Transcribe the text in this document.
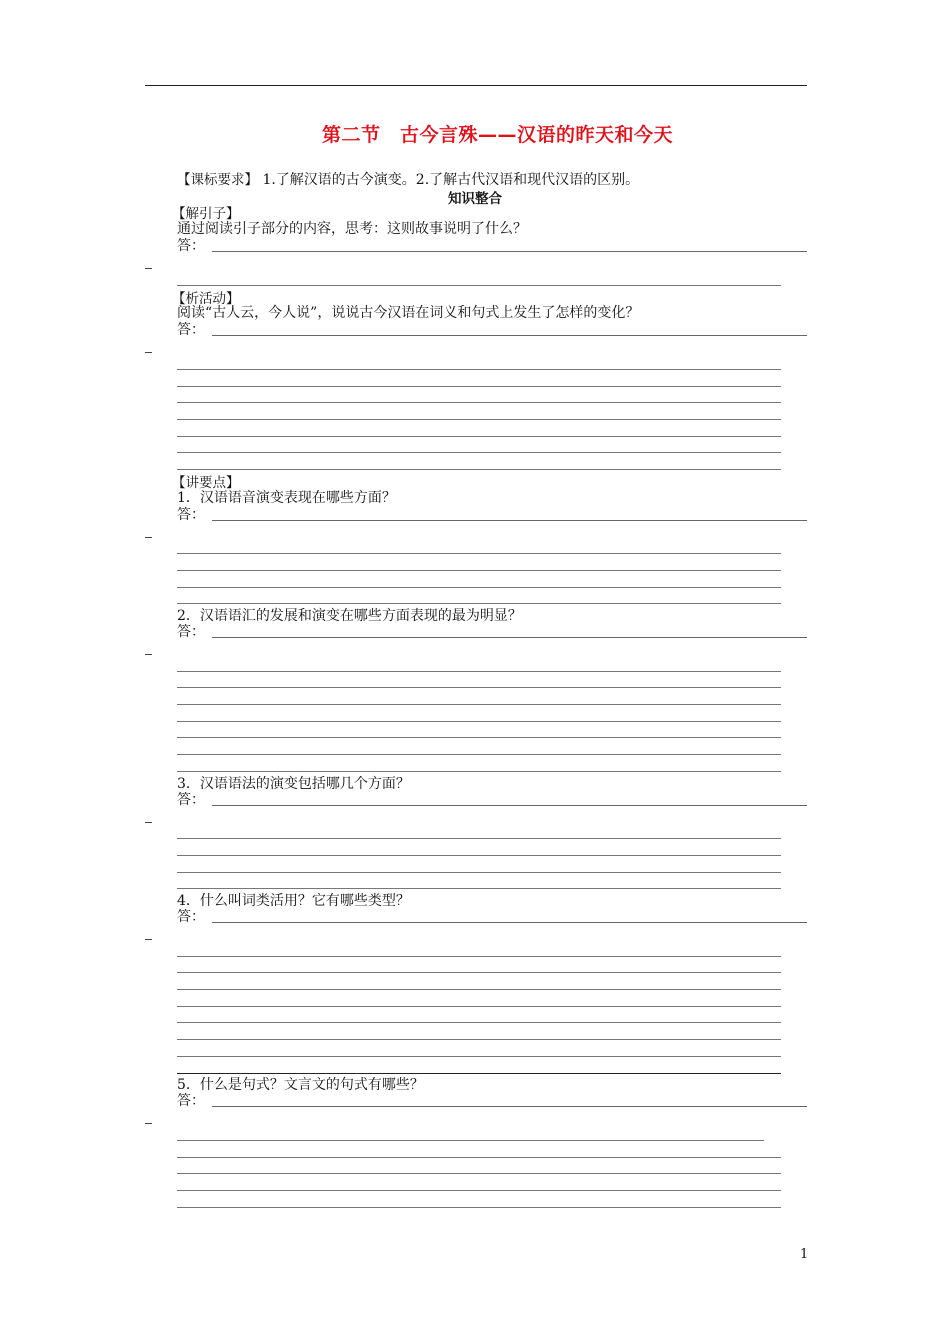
第二节　古今言殊——汉语的昨天和今天
【课标要求】 1.了解汉语的古今演变。2.了解古代汉语和现代汉语的区别。
知识整合
【解引子】
通过阅读引子部分的内容，思考：这则故事说明了什么？
答：
【析活动】
阅读“古人云，今人说”，说说古今汉语在词义和句式上发生了怎样的变化？
答：
【讲要点】
1．汉语语音演变表现在哪些方面？
答：
2．汉语语汇的发展和演变在哪些方面表现的最为明显？
答：
3．汉语语法的演变包括哪几个方面？
答：
4．什么叫词类活用？它有哪些类型？
答：
5．什么是句式？文言文的句式有哪些？
答：
1
